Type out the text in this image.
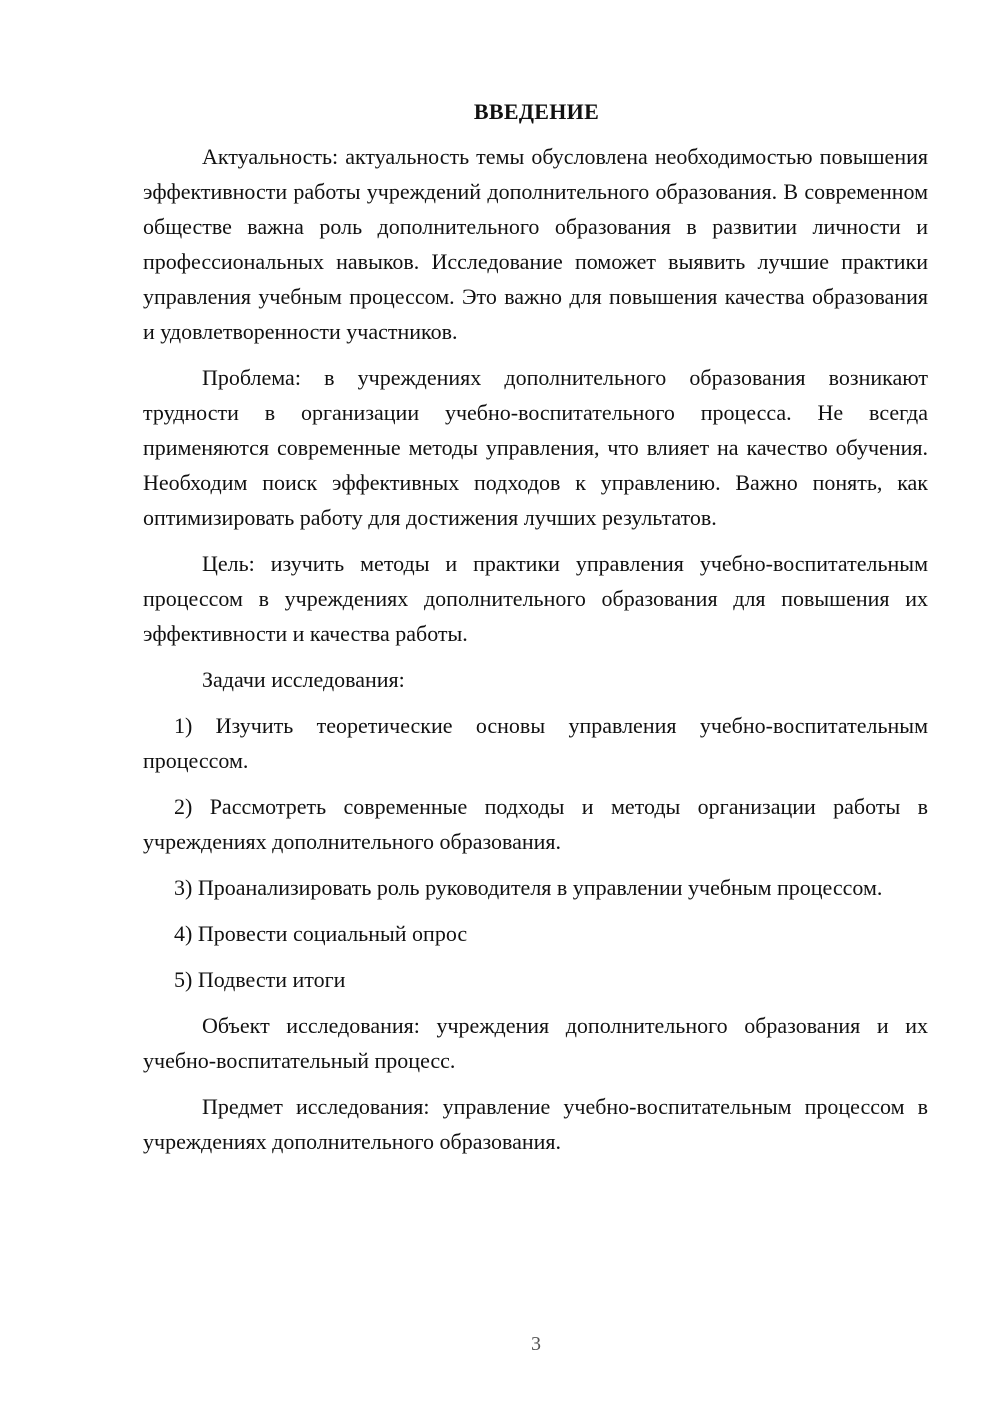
ВВЕДЕНИЕ

Актуальность: актуальность темы обусловлена необходимостью повышения эффективности работы учреждений дополнительного образования. В современном обществе важна роль дополнительного образования в развитии личности и профессиональных навыков. Исследование поможет выявить лучшие практики управления учебным процессом. Это важно для повышения качества образования и удовлетворенности участников.

Проблема: в учреждениях дополнительного образования возникают трудности в организации учебно-воспитательного процесса. Не всегда применяются современные методы управления, что влияет на качество обучения. Необходим поиск эффективных подходов к управлению. Важно понять, как оптимизировать работу для достижения лучших результатов.

Цель: изучить методы и практики управления учебно-воспитательным процессом в учреждениях дополнительного образования для повышения их эффективности и качества работы.

Задачи исследования:

1) Изучить теоретические основы управления учебно-воспитательным процессом.

2) Рассмотреть современные подходы и методы организации работы в учреждениях дополнительного образования.

3) Проанализировать роль руководителя в управлении учебным процессом.

4) Провести социальный опрос

5) Подвести итоги

Объект исследования: учреждения дополнительного образования и их учебно-воспитательный процесс.

Предмет исследования: управление учебно-воспитательным процессом в учреждениях дополнительного образования.

3
